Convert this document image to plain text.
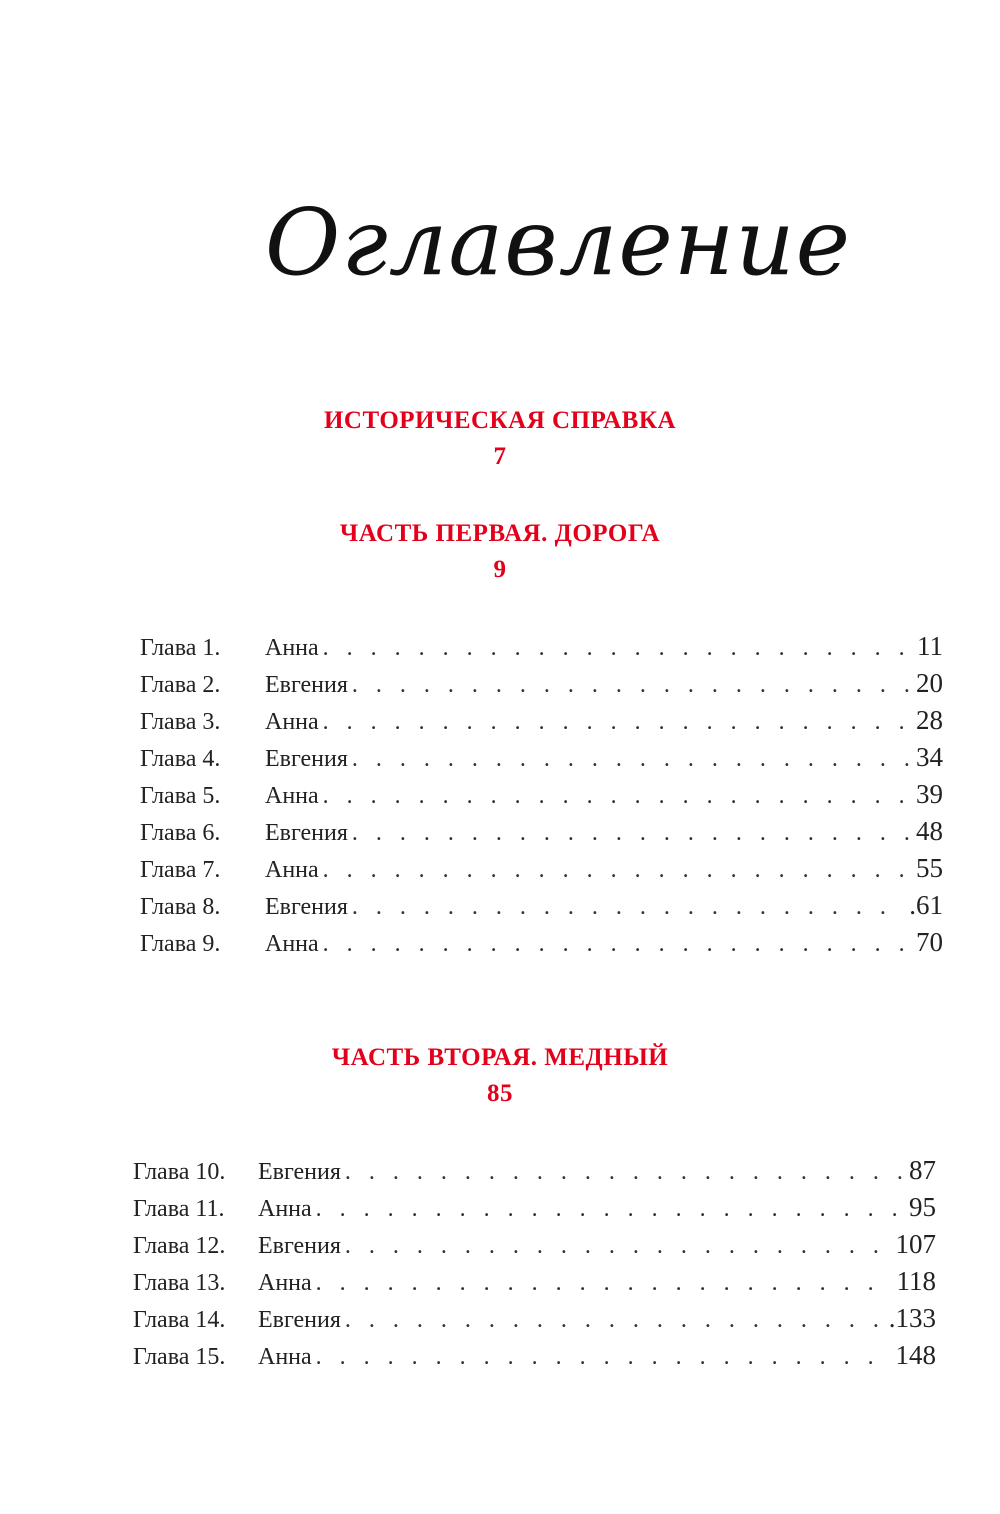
Оглавление
ИСТОРИЧЕСКАЯ СПРАВКА
7
ЧАСТЬ ПЕРВАЯ. ДОРОГА
9
Глава 1.	Анна . . .	11
Глава 2.	Евгения . . .	20
Глава 3.	Анна . . .	28
Глава 4.	Евгения . . .	34
Глава 5.	Анна . . .	39
Глава 6.	Евгения . . .	48
Глава 7.	Анна . . .	55
Глава 8.	Евгения . . .	.61
Глава 9.	Анна . . .	70
ЧАСТЬ ВТОРАЯ. МЕДНЫЙ
85
Глава 10.	Евгения . . .	87
Глава 11.	Анна . . .	95
Глава 12.	Евгения . . .	107
Глава 13.	Анна . . .	118
Глава 14.	Евгения . . .	.133
Глава 15.	Анна . . .	148
